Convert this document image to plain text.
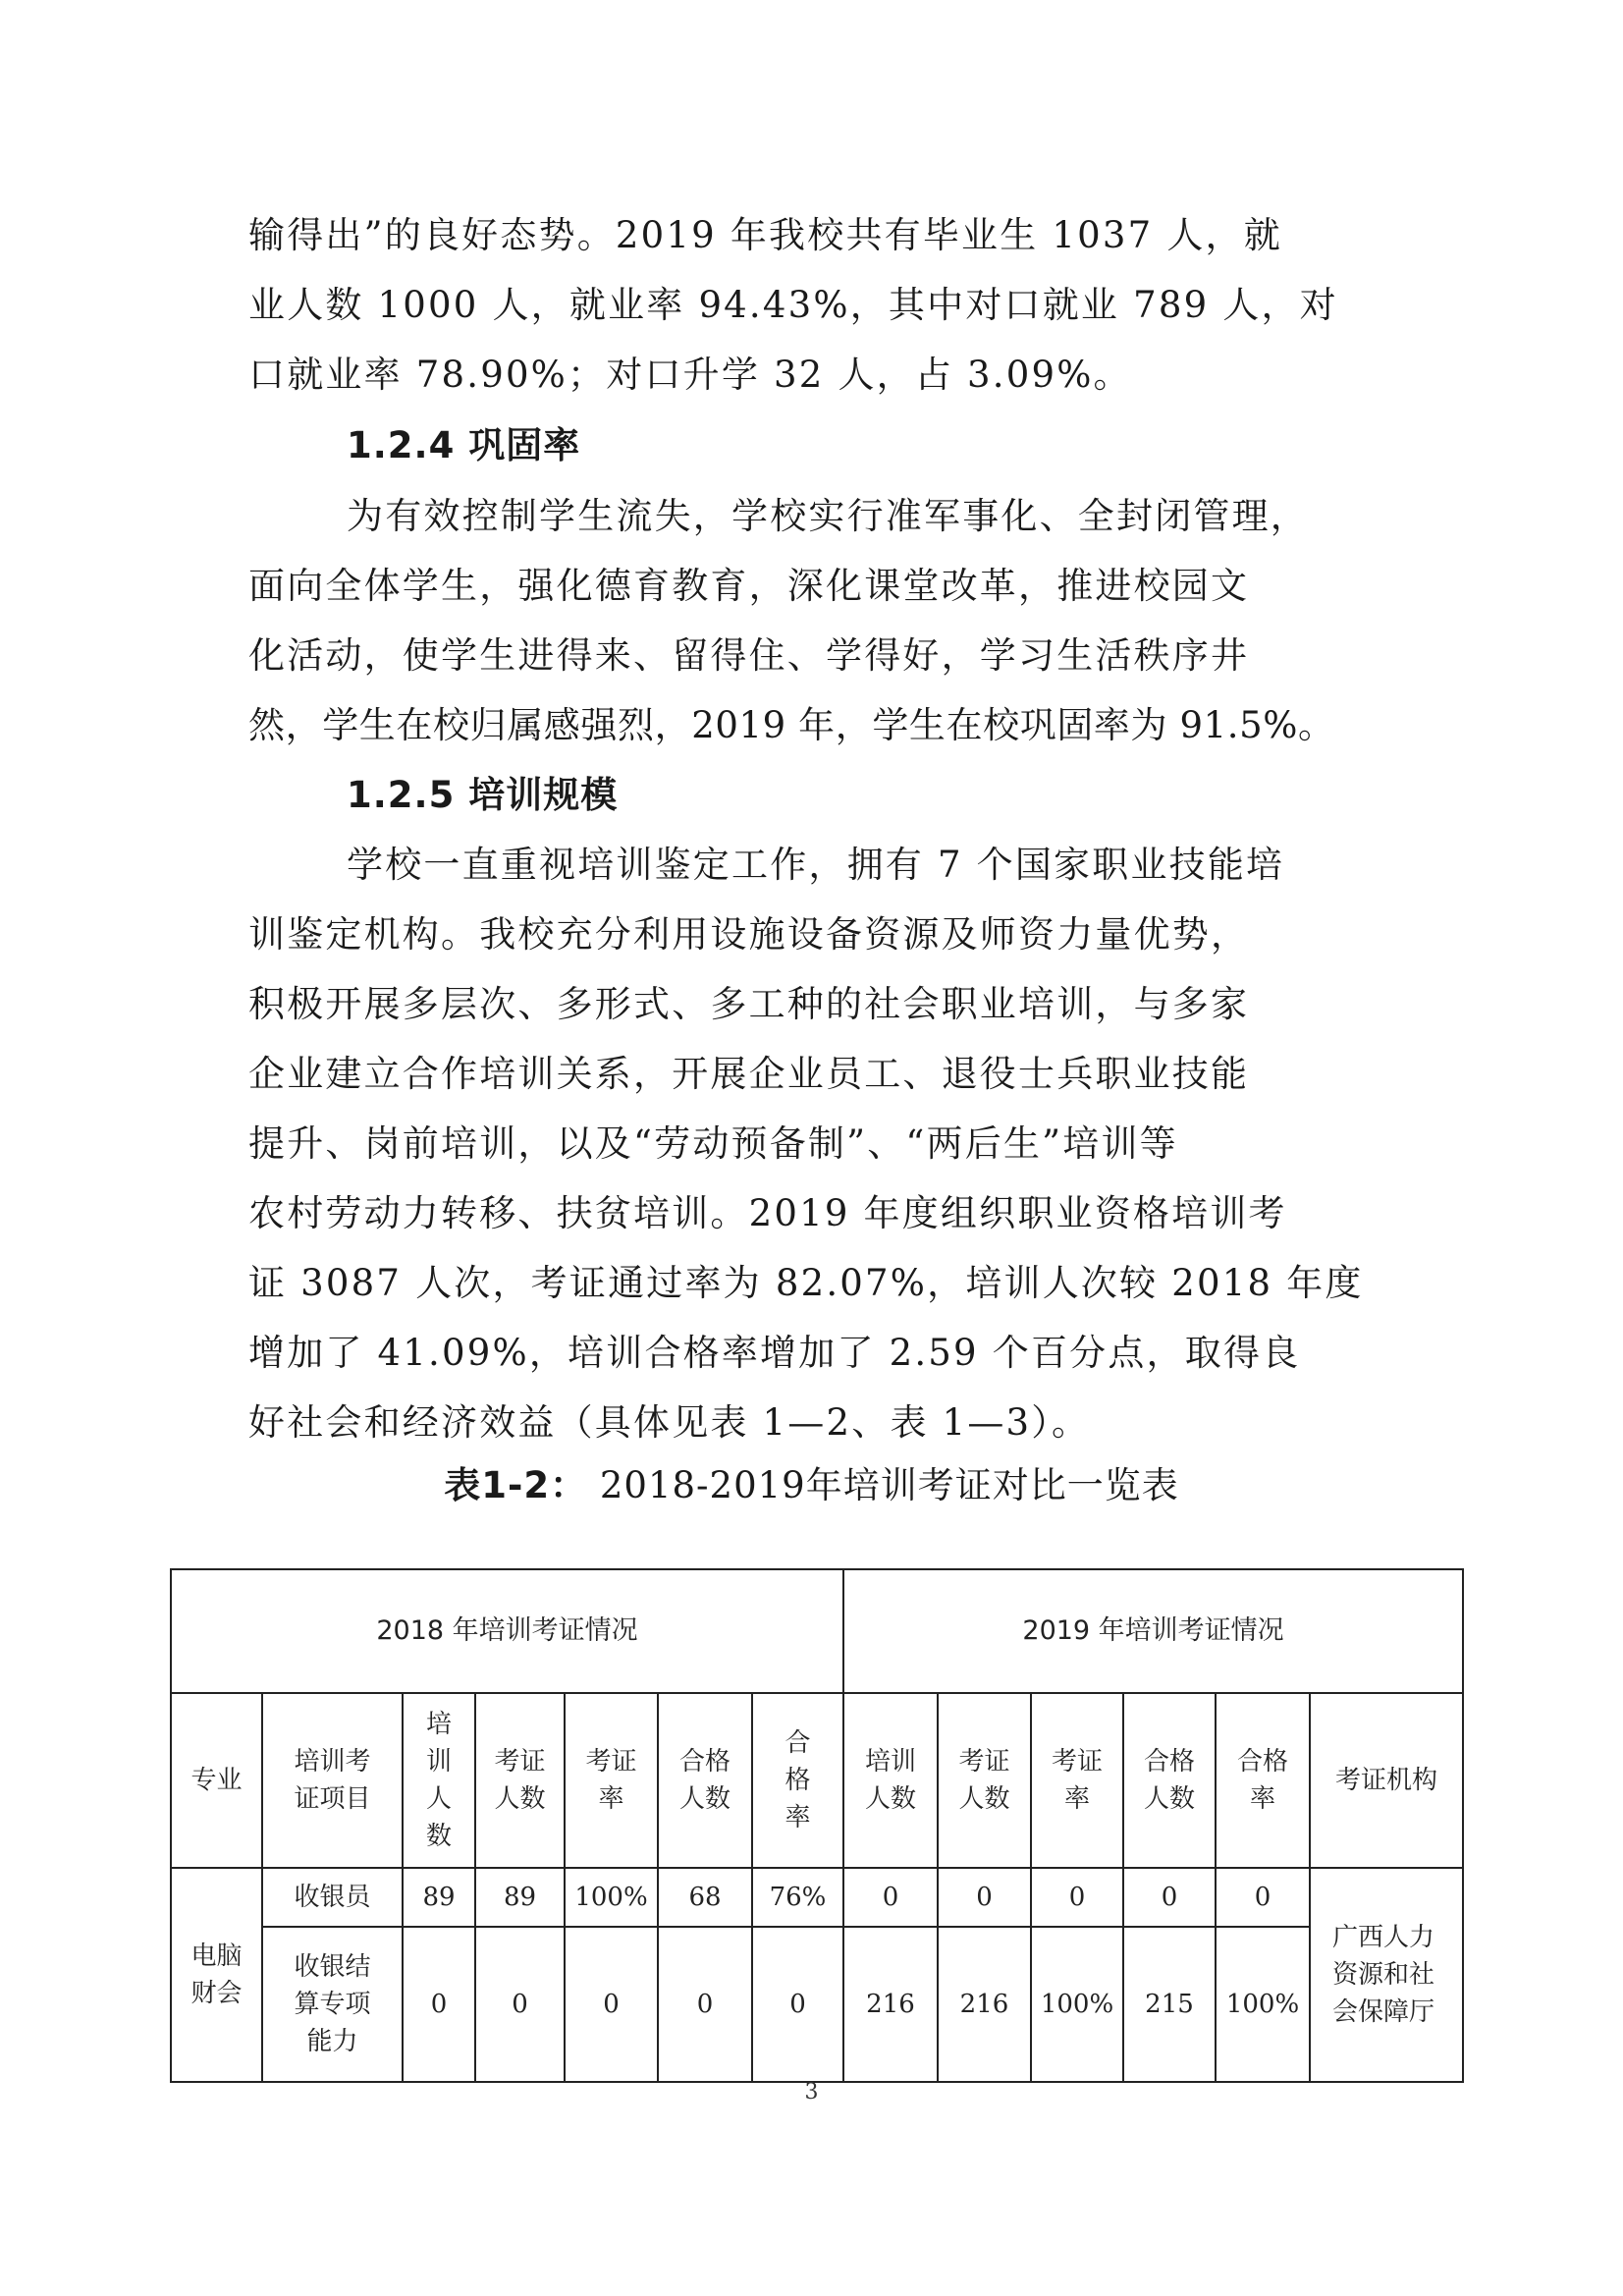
输得出”的良好态势。2019 年我校共有毕业生 1037 人，就
业人数 1000 人，就业率 94.43%，其中对口就业 789 人，对
口就业率 78.90%；对口升学 32 人，占 3.09%。
1.2.4 巩固率
为有效控制学生流失，学校实行准军事化、全封闭管理，
面向全体学生，强化德育教育，深化课堂改革，推进校园文
化活动，使学生进得来、留得住、学得好，学习生活秩序井
然，学生在校归属感强烈，2019 年，学生在校巩固率为 91.5%。
1.2.5 培训规模
学校一直重视培训鉴定工作，拥有 7 个国家职业技能培
训鉴定机构。我校充分利用设施设备资源及师资力量优势，
积极开展多层次、多形式、多工种的社会职业培训，与多家
企业建立合作培训关系，开展企业员工、退役士兵职业技能
提升、岗前培训，以及“劳动预备制”、“两后生”培训等
农村劳动力转移、扶贫培训。2019 年度组织职业资格培训考
证 3087 人次，考证通过率为 82.07%，培训人次较 2018 年度
增加了 41.09%，培训合格率增加了 2.59 个百分点，取得良
好社会和经济效益（具体见表 1—2、表 1—3）。
表1-2： 2018-2019年培训考证对比一览表
2018 年培训考证情况							2019 年培训考证情况					
专业	培训考证项目	培训人数	考证人数	考证率	合格人数	合格率	培训人数	考证人数	考证率	合格人数	合格率	考证机构
电脑财会	收银员	89	89	100%	68	76%	0	0	0	0	0	广西人力资源和社会保障厅
	收银结算专项能力	0	0	0	0	0	216	216	100%	215	100%	
3
